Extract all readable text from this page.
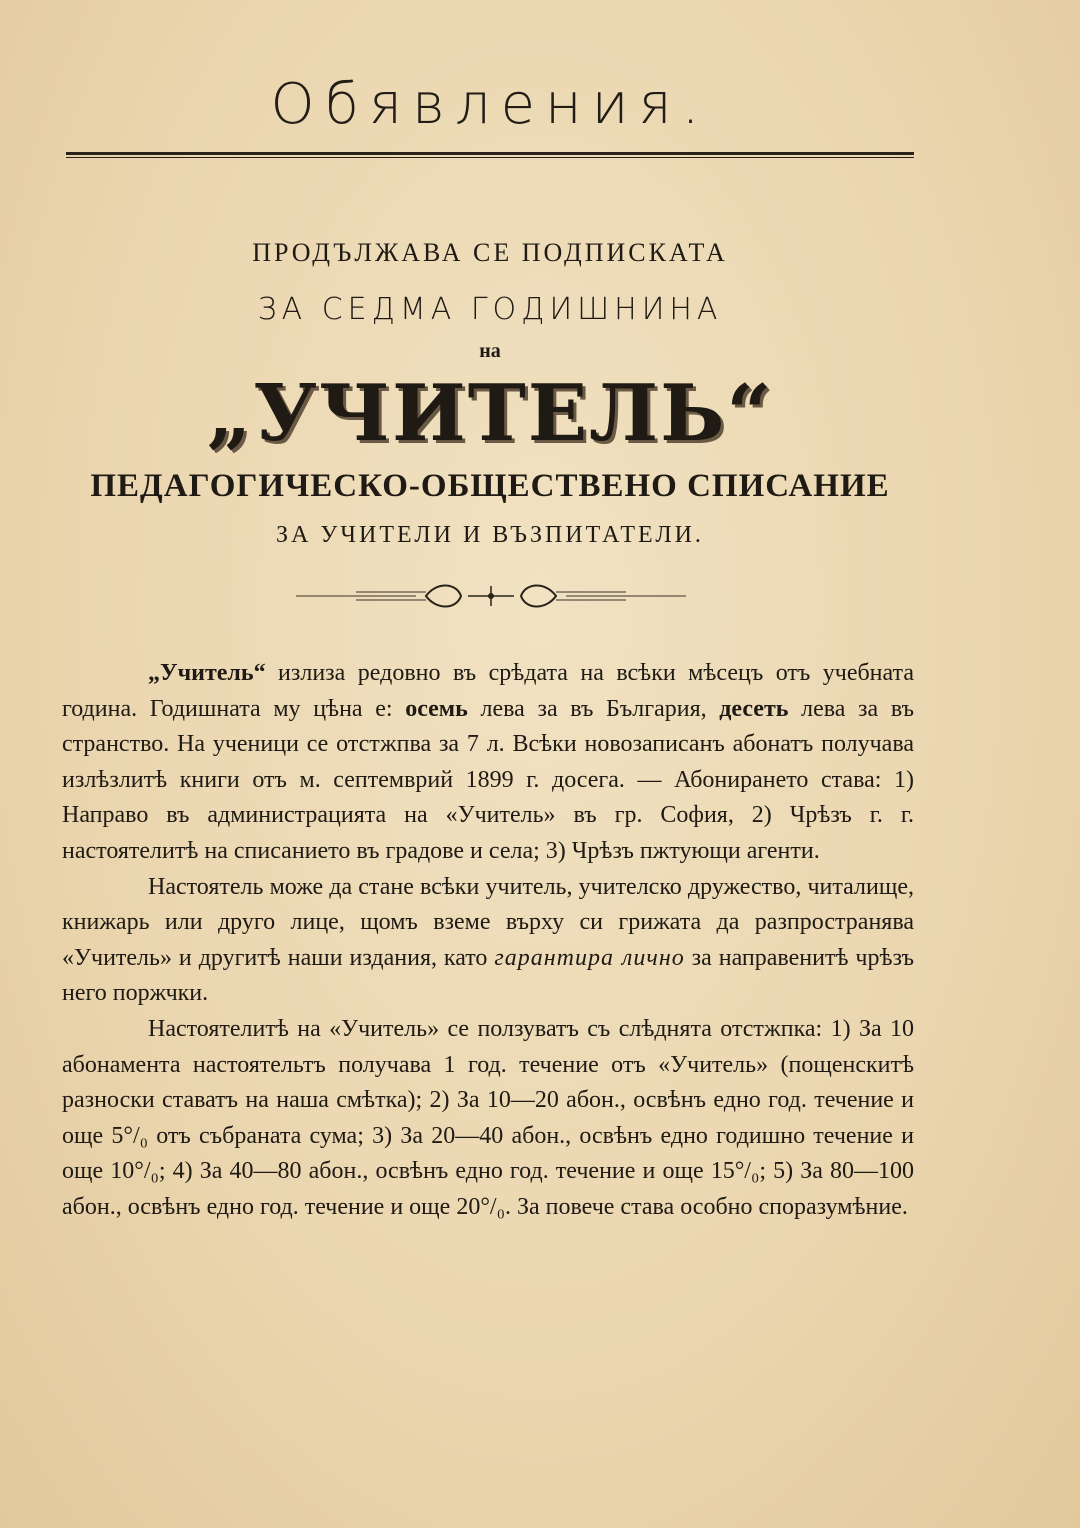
Обявления.
ПРОДЪЛЖАВА СЕ ПОДПИСКАТА
ЗА СЕДМА ГОДИШНИНА
на
„УЧИТЕЛЬ“
ПЕДАГОГИЧЕСКО-ОБЩЕСТВЕНО СПИСАНИЕ
ЗА УЧИТЕЛИ И ВЪЗПИТАТЕЛИ.

„Учитель“ излиза редовно въ срѣдата на всѣки мѣсецъ отъ учебната година. Годишната му цѣна е: осемь лева за въ България, десеть лева за въ странство. На ученици се отстжпва за 7 л. Всѣки новозаписанъ абонатъ получава излѣзлитѣ книги отъ м. септемврий 1899 г. досега. — Абонирането става: 1) Направо въ администрацията на «Учитель» въ гр. София, 2) Чрѣзъ г. г. настоятелитѣ на списанието въ градове и села; 3) Чрѣзъ пжтующи агенти.

Настоятель може да стане всѣки учитель, учителско дружество, читалище, книжарь или друго лице, щомъ вземе върху си грижата да разпространява «Учитель» и другитѣ наши издания, като гарантира лично за направенитѣ чрѣзъ него поржчки.

Настоятелитѣ на «Учитель» се ползуватъ съ слѣднята отстжпка: 1) За 10 абонамента настоятельтъ получава 1 год. течение отъ «Учитель» (пощенскитѣ разноски ставатъ на наша смѣтка); 2) За 10—20 абон., освѣнъ едно год. течение и още 5°/₀ отъ събраната сума; 3) За 20—40 абон., освѣнъ едно годишно течение и още 10°/₀; 4) За 40—80 абон., освѣнъ едно год. течение и още 15°/₀; 5) За 80—100 абон., освѣнъ едно год. течение и още 20°/₀. За повече става особно споразумѣние.
